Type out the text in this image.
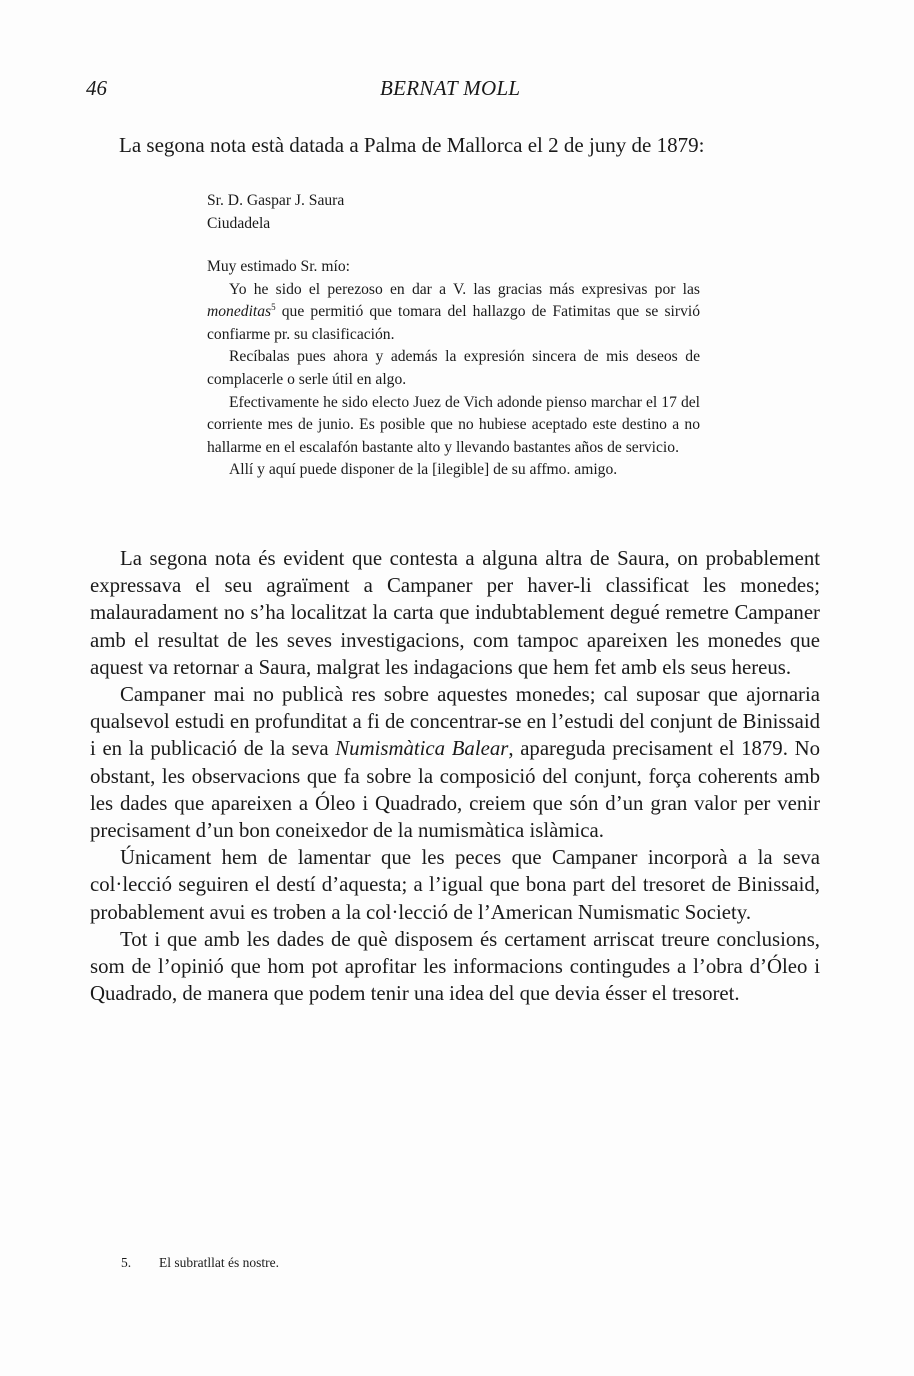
46	BERNAT MOLL
La segona nota està datada a Palma de Mallorca el 2 de juny de 1879:

Sr. D. Gaspar J. Saura

Ciudadela

Muy estimado Sr. mío:

Yo he sido el perezoso en dar a V. las gracias más expresivas por las moneditas$^5$ que permitió que tomara del hallazgo de Fatimitas que se sirvió confiarme pr. su clasificación.

Recíbalas pues ahora y además la expresión sincera de mis deseos de complacerle o serle útil en algo.

Efectivamente he sido electo Juez de Vich adonde pienso marchar el 17 del corriente mes de junio. Es posible que no hubiese aceptado este destino a no hallarme en el escalafón bastante alto y llevando bastantes años de servicio.

Allí y aquí puede disponer de la [ilegible] de su affmo. amigo.

La segona nota és evident que contesta a alguna altra de Saura, on probablement expressava el seu agraïment a Campaner per haver-li classificat les monedes; malauradament no s’ha localitzat la carta que indubtablement degué remetre Campaner amb el resultat de les seves investigacions, com tampoc apareixen les monedes que aquest va retornar a Saura, malgrat les indagacions que hem fet amb els seus hereus.

Campaner mai no publicà res sobre aquestes monedes; cal suposar que ajornaria qualsevol estudi en profunditat a fi de concentrar-se en l’estudi del conjunt de Binissaid i en la publicació de la seva Numismàtica Balear, apareguda precisament el 1879. No obstant, les observacions que fa sobre la composició del conjunt, força coherents amb les dades que apareixen a Óleo i Quadrado, creiem que són d’un gran valor per venir precisament d’un bon coneixedor de la numismàtica islàmica.

Únicament hem de lamentar que les peces que Campaner incorporà a la seva col·lecció seguiren el destí d’aquesta; a l’igual que bona part del tresoret de Binissaid, probablement avui es troben a la col·lecció de l’American Numismatic Society.

Tot i que amb les dades de què disposem és certament arriscat treure conclusions, som de l’opinió que hom pot aprofitar les informacions contingudes a l’obra d’Óleo i Quadrado, de manera que podem tenir una idea del que devia ésser el tresoret.

5. El subratllat és nostre.
